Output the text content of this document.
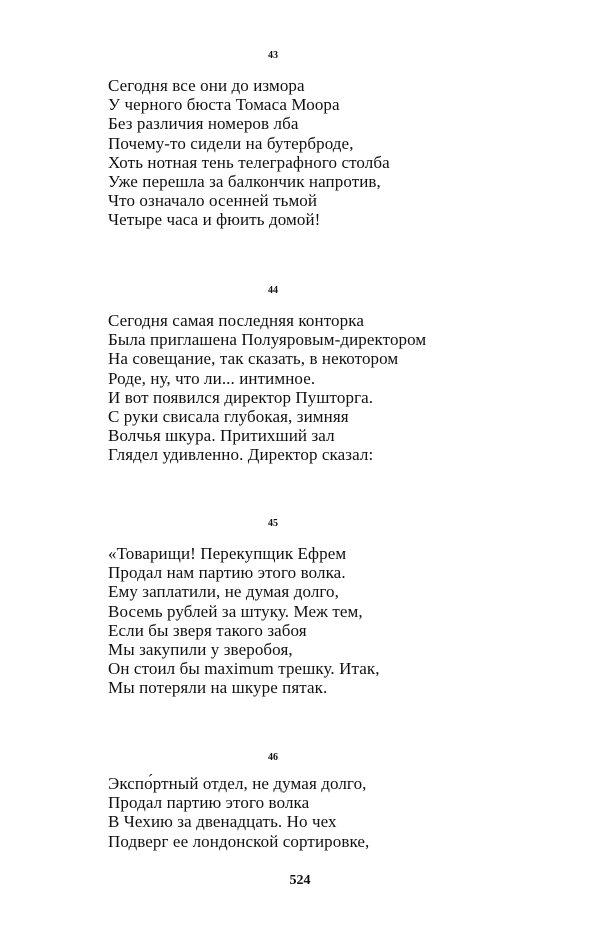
43
Сегодня все они до измора
У черного бюста Томаса Моора
Без различия номеров лба
Почему-то сидели на бутерброде,
Хоть нотная тень телеграфного столба
Уже перешла за балкончик напротив,
Что означало осенней тьмой
Четыре часа и фюить домой!
44
Сегодня самая последняя конторка
Была приглашена Полуяровым-директором
На совещание, так сказать, в некотором
Роде, ну, что ли... интимное.
И вот появился директор Пушторга.
С руки свисала глубокая, зимняя
Волчья шкура. Притихший зал
Глядел удивленно. Директор сказал:
45
«Товарищи! Перекупщик Ефрем
Продал нам партию этого волка.
Ему заплатили, не думая долго,
Восемь рублей за штуку. Меж тем,
Если бы зверя такого забоя
Мы закупили у зверобоя,
Он стоил бы maximum трешку. Итак,
Мы потеряли на шкуре пятак.
46
Экспо́ртный отдел, не думая долго,
Продал партию этого волка
В Чехию за двенадцать. Но чех
Подверг ее лондонской сортировке,
524
